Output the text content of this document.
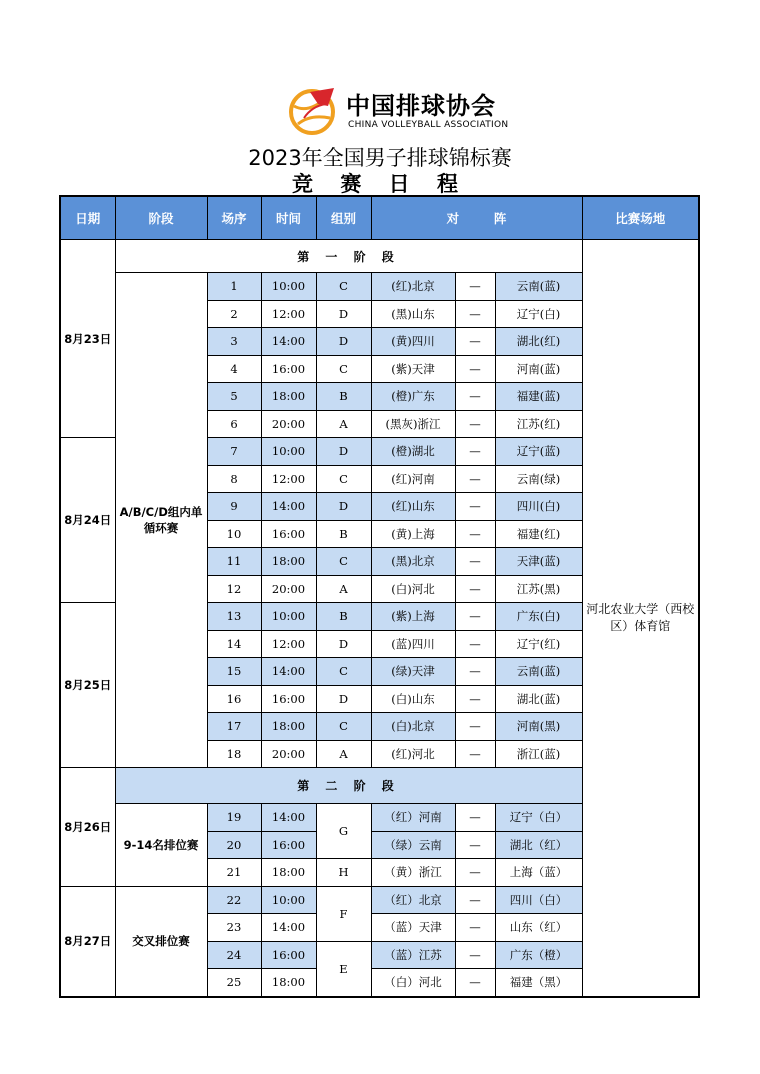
中国排球协会
CHINA VOLLEYBALL ASSOCIATION
2023年全国男子排球锦标赛
竞 赛 日 程
日期	阶段	场序	时间	组别	对        阵			比赛场地
8月23日	第 一 阶 段							河北农业大学（西校区）体育馆
	A/B/C/D组内单循环赛	1	10:00	C	(红)北京	—	云南(蓝)	
		2	12:00	D	(黑)山东	—	辽宁(白)	
		3	14:00	D	(黄)四川	—	湖北(红)	
		4	16:00	C	(紫)天津	—	河南(蓝)	
		5	18:00	B	(橙)广东	—	福建(蓝)	
		6	20:00	A	(黑灰)浙江	—	江苏(红)	
8月24日		7	10:00	D	(橙)湖北	—	辽宁(蓝)	
		8	12:00	C	(红)河南	—	云南(绿)	
		9	14:00	D	(红)山东	—	四川(白)	
		10	16:00	B	(黄)上海	—	福建(红)	
		11	18:00	C	(黑)北京	—	天津(蓝)	
		12	20:00	A	(白)河北	—	江苏(黑)	
8月25日		13	10:00	B	(紫)上海	—	广东(白)	
		14	12:00	D	(蓝)四川	—	辽宁(红)	
		15	14:00	C	(绿)天津	—	云南(蓝)	
		16	16:00	D	(白)山东	—	湖北(蓝)	
		17	18:00	C	(白)北京	—	河南(黑)	
		18	20:00	A	(红)河北	—	浙江(蓝)	
8月26日	第 二 阶 段							
	9-14名排位赛	19	14:00	G	（红）河南	—	辽宁（白）	
		20	16:00		（绿）云南	—	湖北（红）	
		21	18:00	H	（黄）浙江	—	上海（蓝）	
8月27日	交叉排位赛	22	10:00	F	（红）北京	—	四川（白）	
		23	14:00		（蓝）天津	—	山东（红）	
		24	16:00	E	（蓝）江苏	—	广东（橙）	
		25	18:00		（白）河北	—	福建（黑）	
